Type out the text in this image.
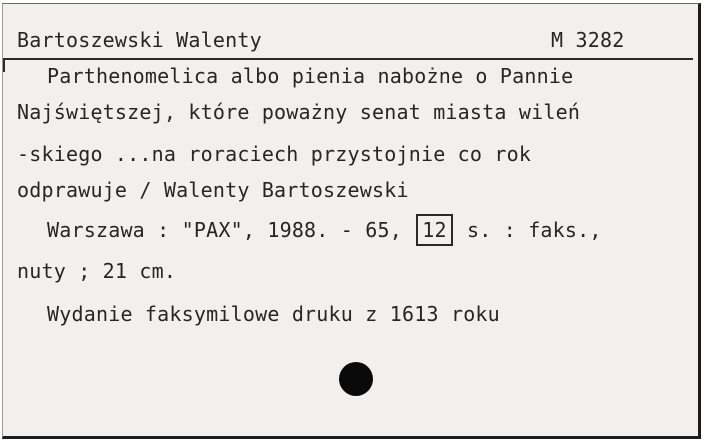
Bartoszewski Walenty	M 3282
Parthenomelica albo pienia nabożne o Pannie
Najświętszej, które poważny senat miasta wileń
-skiego ...na roraciech przystojnie co rok
odprawuje / Walenty Bartoszewski
Warszawa : "PAX", 1988. - 65, 12 s. : faks.,
nuty ; 21 cm.
Wydanie faksymilowe druku z 1613 roku
